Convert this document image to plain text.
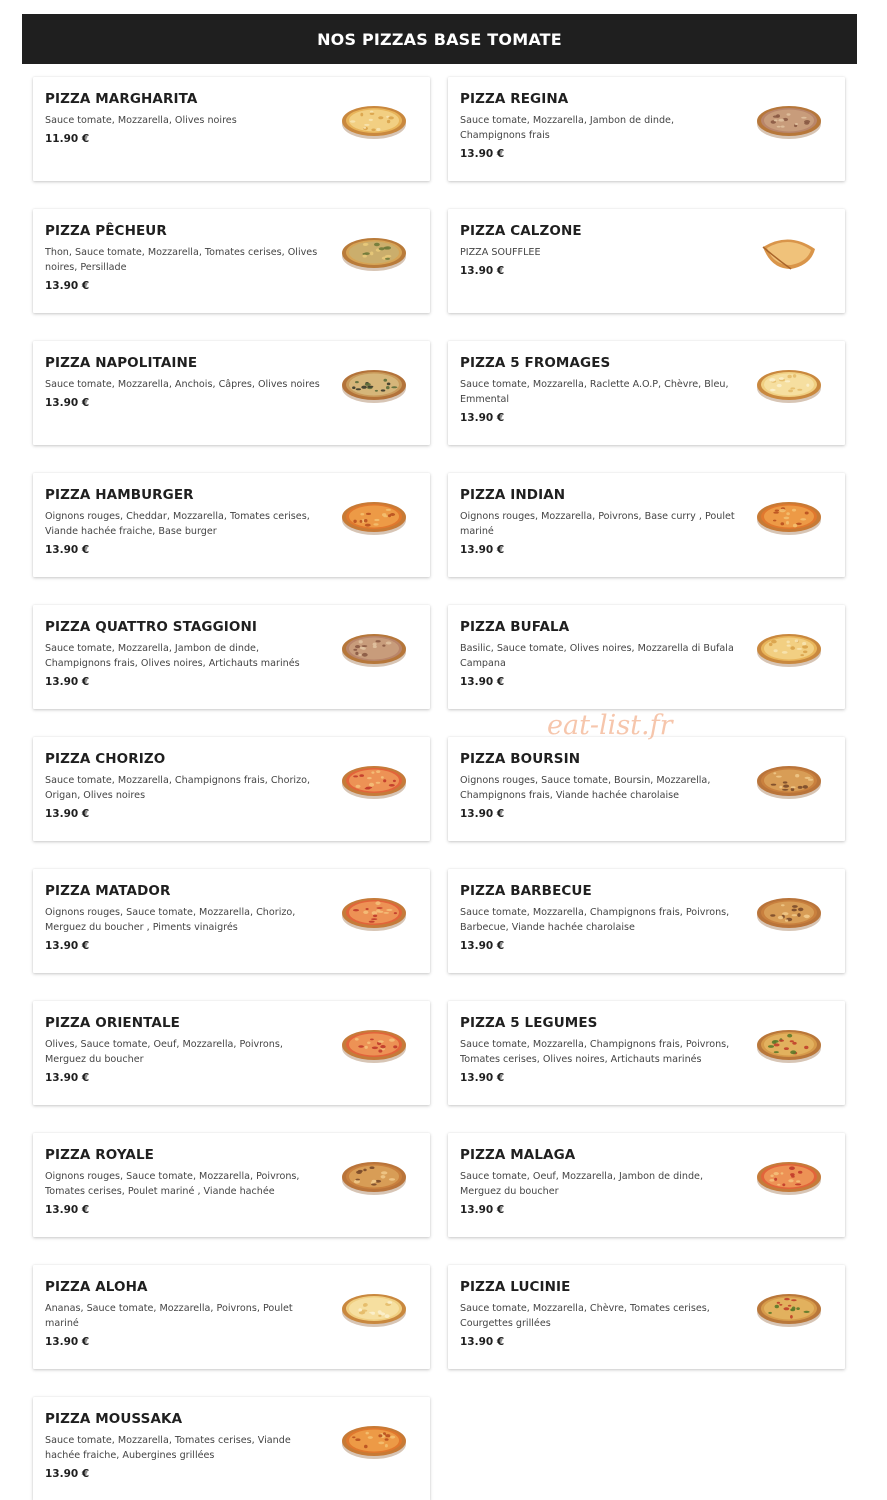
NOS PIZZAS BASE TOMATE
PIZZA MARGHARITA
Sauce tomate, Mozzarella, Olives noires
11.90 €
PIZZA REGINA
Sauce tomate, Mozzarella, Jambon de dinde, Champignons frais
13.90 €
PIZZA PÊCHEUR
Thon, Sauce tomate, Mozzarella, Tomates cerises, Olives noires, Persillade
13.90 €
PIZZA CALZONE
PIZZA SOUFFLEE
13.90 €
PIZZA NAPOLITAINE
Sauce tomate, Mozzarella, Anchois, Câpres, Olives noires
13.90 €
PIZZA 5 FROMAGES
Sauce tomate, Mozzarella, Raclette A.O.P, Chèvre, Bleu, Emmental
13.90 €
PIZZA HAMBURGER
Oignons rouges, Cheddar, Mozzarella, Tomates cerises, Viande hachée fraiche, Base burger
13.90 €
PIZZA INDIAN
Oignons rouges, Mozzarella, Poivrons, Base curry , Poulet mariné
13.90 €
PIZZA QUATTRO STAGGIONI
Sauce tomate, Mozzarella, Jambon de dinde, Champignons frais, Olives noires, Artichauts marinés
13.90 €
PIZZA BUFALA
Basilic, Sauce tomate, Olives noires, Mozzarella di Bufala Campana
13.90 €
PIZZA CHORIZO
Sauce tomate, Mozzarella, Champignons frais, Chorizo, Origan, Olives noires
13.90 €
PIZZA BOURSIN
Oignons rouges, Sauce tomate, Boursin, Mozzarella, Champignons frais, Viande hachée charolaise
13.90 €
PIZZA MATADOR
Oignons rouges, Sauce tomate, Mozzarella, Chorizo, Merguez du boucher , Piments vinaigrés
13.90 €
PIZZA BARBECUE
Sauce tomate, Mozzarella, Champignons frais, Poivrons, Barbecue, Viande hachée charolaise
13.90 €
PIZZA ORIENTALE
Olives, Sauce tomate, Oeuf, Mozzarella, Poivrons, Merguez du boucher
13.90 €
PIZZA 5 LEGUMES
Sauce tomate, Mozzarella, Champignons frais, Poivrons, Tomates cerises, Olives noires, Artichauts marinés
13.90 €
PIZZA ROYALE
Oignons rouges, Sauce tomate, Mozzarella, Poivrons, Tomates cerises, Poulet mariné , Viande hachée
13.90 €
PIZZA MALAGA
Sauce tomate, Oeuf, Mozzarella, Jambon de dinde, Merguez du boucher
13.90 €
PIZZA ALOHA
Ananas, Sauce tomate, Mozzarella, Poivrons, Poulet mariné
13.90 €
PIZZA LUCINIE
Sauce tomate, Mozzarella, Chèvre, Tomates cerises, Courgettes grillées
13.90 €
PIZZA MOUSSAKA
Sauce tomate, Mozzarella, Tomates cerises, Viande hachée fraiche, Aubergines grillées
13.90 €
eat-list.fr
